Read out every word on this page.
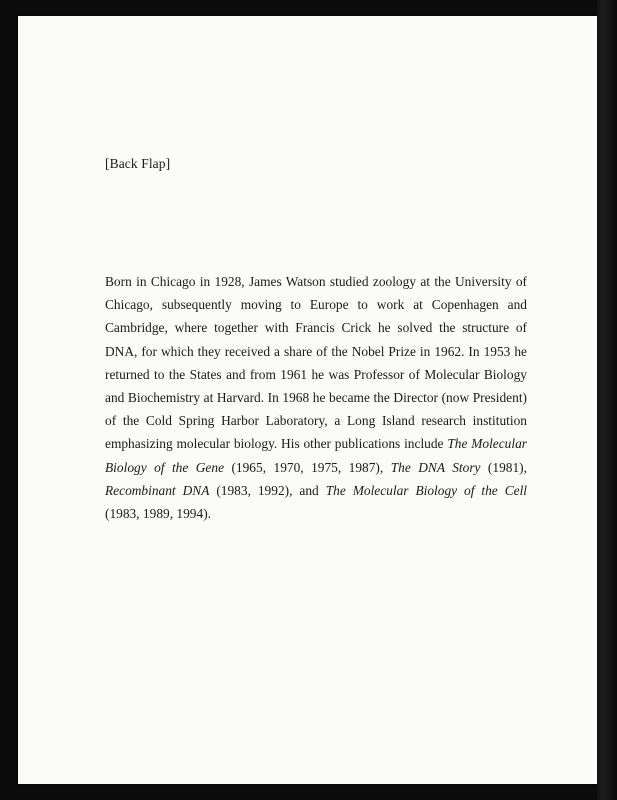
[Back Flap]
Born in Chicago in 1928, James Watson studied zoology at the University of Chicago, subsequently moving to Europe to work at Copenhagen and Cambridge, where together with Francis Crick he solved the structure of DNA, for which they received a share of the Nobel Prize in 1962. In 1953 he returned to the States and from 1961 he was Professor of Molecular Biology and Biochemistry at Harvard. In 1968 he became the Director (now President) of the Cold Spring Harbor Laboratory, a Long Island research institution emphasizing molecular biology. His other publications include The Molecular Biology of the Gene (1965, 1970, 1975, 1987), The DNA Story (1981), Recombinant DNA (1983, 1992), and The Molecular Biology of the Cell (1983, 1989, 1994).
